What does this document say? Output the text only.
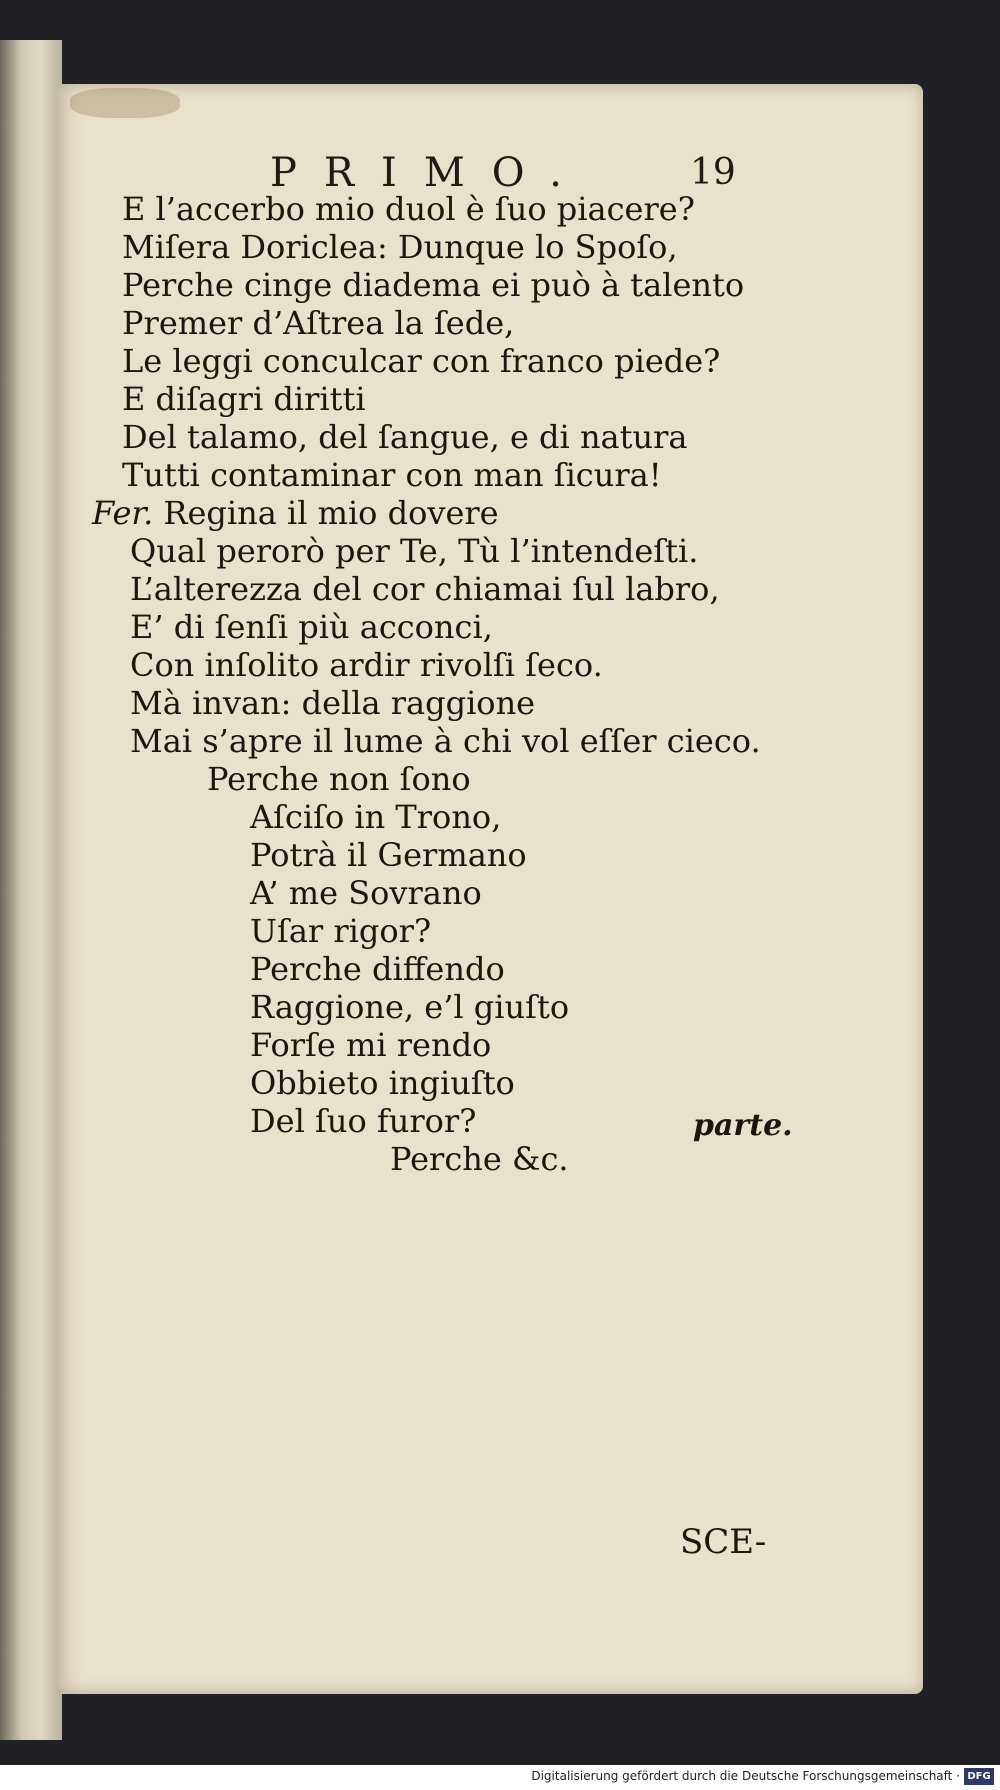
PRIMO.	19
E l’accerbo mio duol è ſuo piacere?
Miſera Doriclea: Dunque lo Spoſo,
Perche cinge diadema ei può à talento
Premer d’Aſtrea la ſede,
Le leggi conculcar con franco piede?
E diſagri diritti
Del talamo, del ſangue, e di natura
Tutti contaminar con man ſicura!
Fer. Regina il mio dovere
Qual perorò per Te, Tù l’intendeſti.
L’alterezza del cor chiamai ſul labro,
E’ di ſenſi più acconci,
Con inſolito ardir rivolſi ſeco.
Mà invan: della raggione
Mai s’apre il lume à chi vol eſſer cieco.
Perche non ſono
Aſciſo in Trono,
Potrà il Germano
A’ me Sovrano
Uſar rigor?
Perche diffendo
Raggione, e’l giuſto
Forſe mi rendo
Obbieto ingiuſto
Del ſuo furor?
Perche &c.
parte.
SCE-
Digitalisierung gefördert durch die Deutsche Forschungsgemeinschaft · DFG
